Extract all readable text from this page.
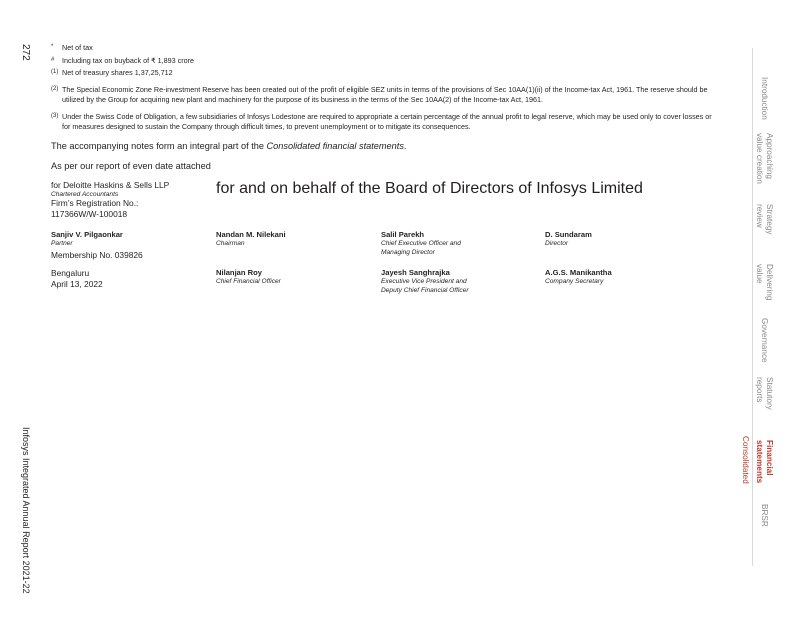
272
Infosys Integrated Annual Report 2021-22
* Net of tax
# Including tax on buyback of ₹ 1,893 crore
(1) Net of treasury shares 1,37,25,712
(2) The Special Economic Zone Re-investment Reserve has been created out of the profit of eligible SEZ units in terms of the provisions of Sec 10AA(1)(ii) of the Income-tax Act, 1961. The reserve should be utilized by the Group for acquiring new plant and machinery for the purpose of its business in the terms of the Sec 10AA(2) of the Income-tax Act, 1961.
(3) Under the Swiss Code of Obligation, a few subsidiaries of Infosys Lodestone are required to appropriate a certain percentage of the annual profit to legal reserve, which may be used only to cover losses or for measures designed to sustain the Company through difficult times, to prevent unemployment or to mitigate its consequences.
The accompanying notes form an integral part of the Consolidated financial statements.
As per our report of even date attached
for Deloitte Haskins & Sells LLP
Chartered Accountants
Firm’s Registration No.:
117366W/W-100018
for and on behalf of the Board of Directors of Infosys Limited
Sanjiv V. Pilgaonkar
Partner
Membership No. 039826
Nandan M. Nilekani
Chairman
Salil Parekh
Chief Executive Officer and
Managing Director
D. Sundaram
Director
Bengaluru
April 13, 2022
Nilanjan Roy
Chief Financial Officer
Jayesh Sanghrajka
Executive Vice President and
Deputy Chief Financial Officer
A.G.S. Manikantha
Company Secretary
Introduction
Approaching
value creation
Strategy
review
Delivering
value
Governance
Statutory
reports
Financial
statements
Consolidated
BRSR
